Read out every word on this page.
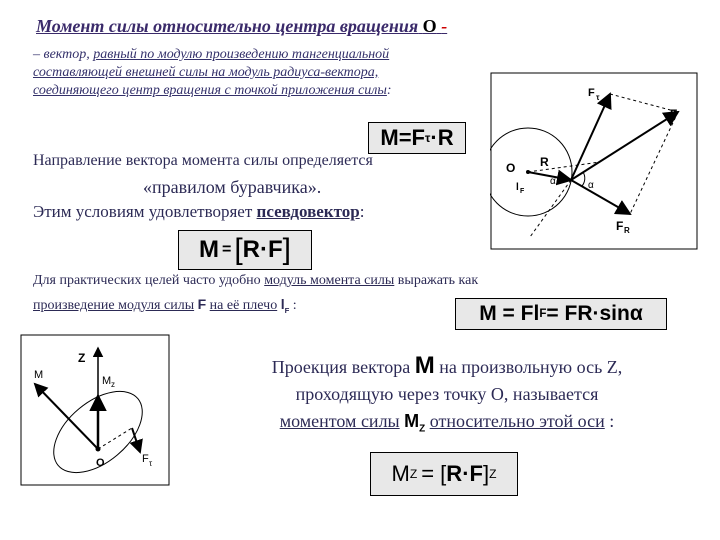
Момент силы относительно центра вращения O -
– вектор, равный по модулю произведению тангенциальной составляющей внешней силы на модуль радиуса-вектора, соединяющего центр вращения с точкой приложения силы:
M=F τ · R
F τ
F
O R
l F
α	α
F R
Направление вектора момента силы определяется
«правилом буравчика».
Этим условиям удовлетворяет псевдовектор:
M = [ R · F ]
Для практических целей часто удобно модуль момента силы выражать как
произведение модуля силы F на её плечо $l_F$ :	M = F l F = FR · sin α
Z
M	M z
O	F τ
Проекция вектора M на произвольную ось Z,
проходящую через точку O, называется
моментом силы $M_Z$ относительно этой оси :
M Z = [ R · F ] Z
